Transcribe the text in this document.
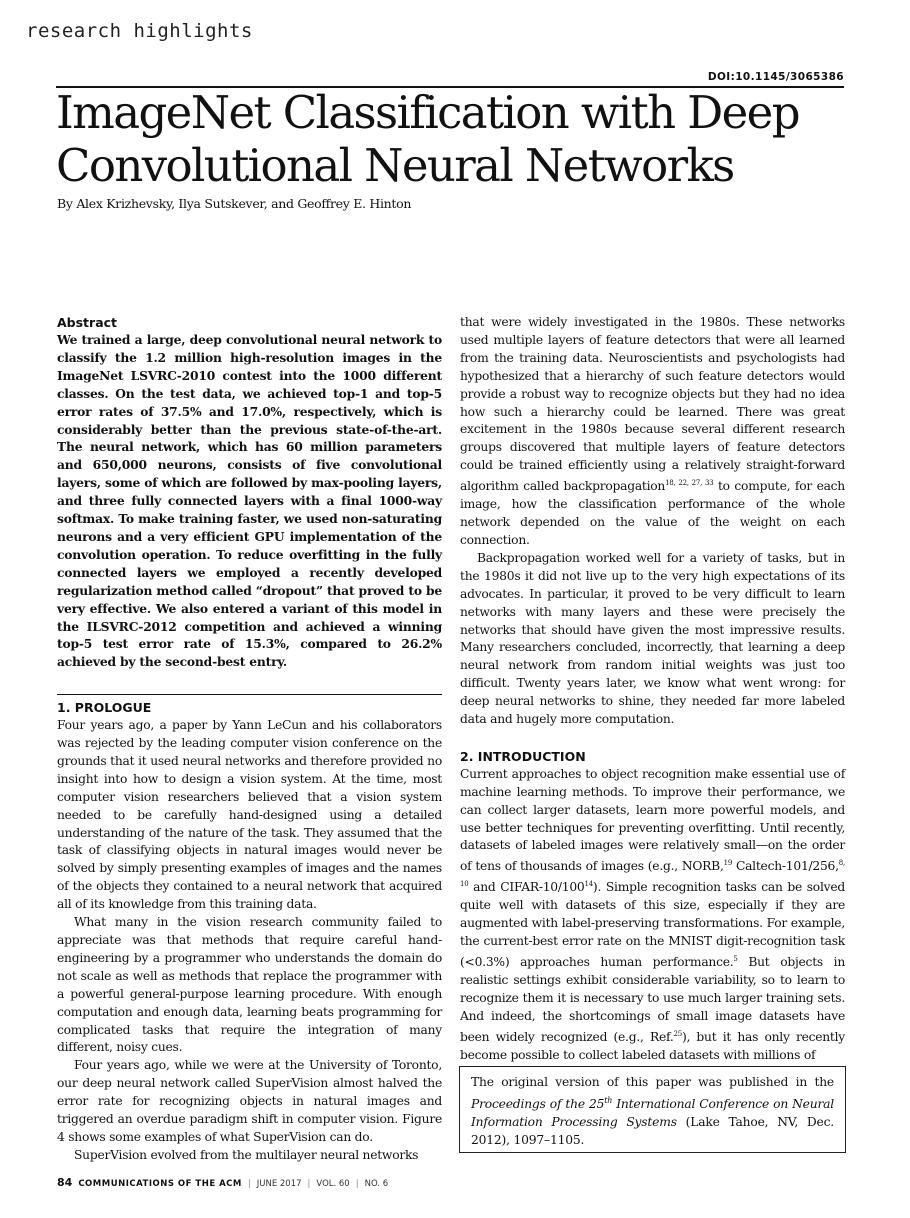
research highlights
DOI:10.1145/3065386
ImageNet Classification with Deep Convolutional Neural Networks
By Alex Krizhevsky, Ilya Sutskever, and Geoffrey E. Hinton
Abstract

We trained a large, deep convolutional neural network to classify the 1.2 million high-resolution images in the ImageNet LSVRC-2010 contest into the 1000 different classes. On the test data, we achieved top-1 and top-5 error rates of 37.5% and 17.0%, respectively, which is considerably better than the previous state-of-the-art. The neural network, which has 60 million parameters and 650,000 neurons, consists of five convolutional layers, some of which are followed by max-pooling layers, and three fully connected layers with a final 1000-way softmax. To make training faster, we used non-saturating neurons and a very efficient GPU implementation of the convolution operation. To reduce overfitting in the fully connected layers we employed a recently developed regularization method called “dropout” that proved to be very effective. We also entered a variant of this model in the ILSVRC-2012 competition and achieved a winning top-5 test error rate of 15.3%, compared to 26.2% achieved by the second-best entry.

1. PROLOGUE

Four years ago, a paper by Yann LeCun and his collaborators was rejected by the leading computer vision conference on the grounds that it used neural networks and therefore provided no insight into how to design a vision system. At the time, most computer vision researchers believed that a vision system needed to be carefully hand-designed using a detailed understanding of the nature of the task. They assumed that the task of classifying objects in natural images would never be solved by simply presenting examples of images and the names of the objects they contained to a neural network that acquired all of its knowledge from this training data.

What many in the vision research community failed to appreciate was that methods that require careful hand-engineering by a programmer who understands the domain do not scale as well as methods that replace the programmer with a powerful general-purpose learning procedure. With enough computation and enough data, learning beats programming for complicated tasks that require the integration of many different, noisy cues.

Four years ago, while we were at the University of Toronto, our deep neural network called SuperVision almost halved the error rate for recognizing objects in natural images and triggered an overdue paradigm shift in computer vision. Figure 4 shows some examples of what SuperVision can do.

SuperVision evolved from the multilayer neural networks

that were widely investigated in the 1980s. These networks used multiple layers of feature detectors that were all learned from the training data. Neuroscientists and psychologists had hypothesized that a hierarchy of such feature detectors would provide a robust way to recognize objects but they had no idea how such a hierarchy could be learned. There was great excitement in the 1980s because several different research groups discovered that multiple layers of feature detectors could be trained efficiently using a relatively straight-forward algorithm called backpropagation$^{18, 22, 27, 33}$ to compute, for each image, how the classification performance of the whole network depended on the value of the weight on each connection.

Backpropagation worked well for a variety of tasks, but in the 1980s it did not live up to the very high expectations of its advocates. In particular, it proved to be very difficult to learn networks with many layers and these were precisely the networks that should have given the most impressive results. Many researchers concluded, incorrectly, that learning a deep neural network from random initial weights was just too difficult. Twenty years later, we know what went wrong: for deep neural networks to shine, they needed far more labeled data and hugely more computation.

2. INTRODUCTION

Current approaches to object recognition make essential use of machine learning methods. To improve their performance, we can collect larger datasets, learn more powerful models, and use better techniques for preventing overfitting. Until recently, datasets of labeled images were relatively small—on the order of tens of thousands of images (e.g., NORB,$^{19}$ Caltech-101/256,$^{8, 10}$ and CIFAR-$10/100^{14}$). Simple recognition tasks can be solved quite well with datasets of this size, especially if they are augmented with label-preserving transformations. For example, the current-best error rate on the MNIST digit-recognition task (<0.3%) approaches human performance.$^5$ But objects in realistic settings exhibit considerable variability, so to learn to recognize them it is necessary to use much larger training sets. And indeed, the shortcomings of small image datasets have been widely recognized (e.g., Ref.$^{25}$), but it has only recently become possible to collect labeled datasets with millions of

The original version of this paper was published in the Proceedings of the 25th International Conference on Neural Information Processing Systems (Lake Tahoe, NV, Dec. 2012), 1097–1105.
84 COMMUNICATIONS OF THE ACM | JUNE 2017 | VOL. 60 | NO. 6
